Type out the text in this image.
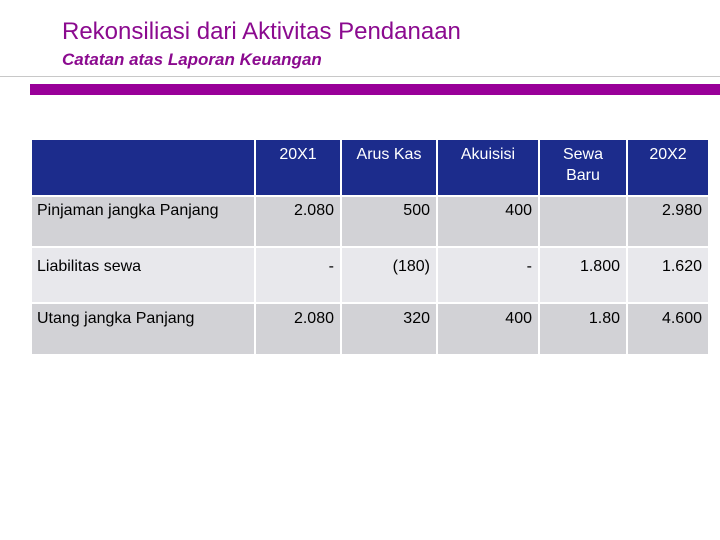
Rekonsiliasi dari Aktivitas Pendanaan
Catatan atas Laporan Keuangan
	20X1	Arus Kas	Akuisisi	Sewa Baru	20X2
Pinjaman jangka Panjang	2.080	500	400		2.980
Liabilitas sewa	-	(180)	-	1.800	1.620
Utang jangka Panjang	2.080	320	400	1.80	4.600
